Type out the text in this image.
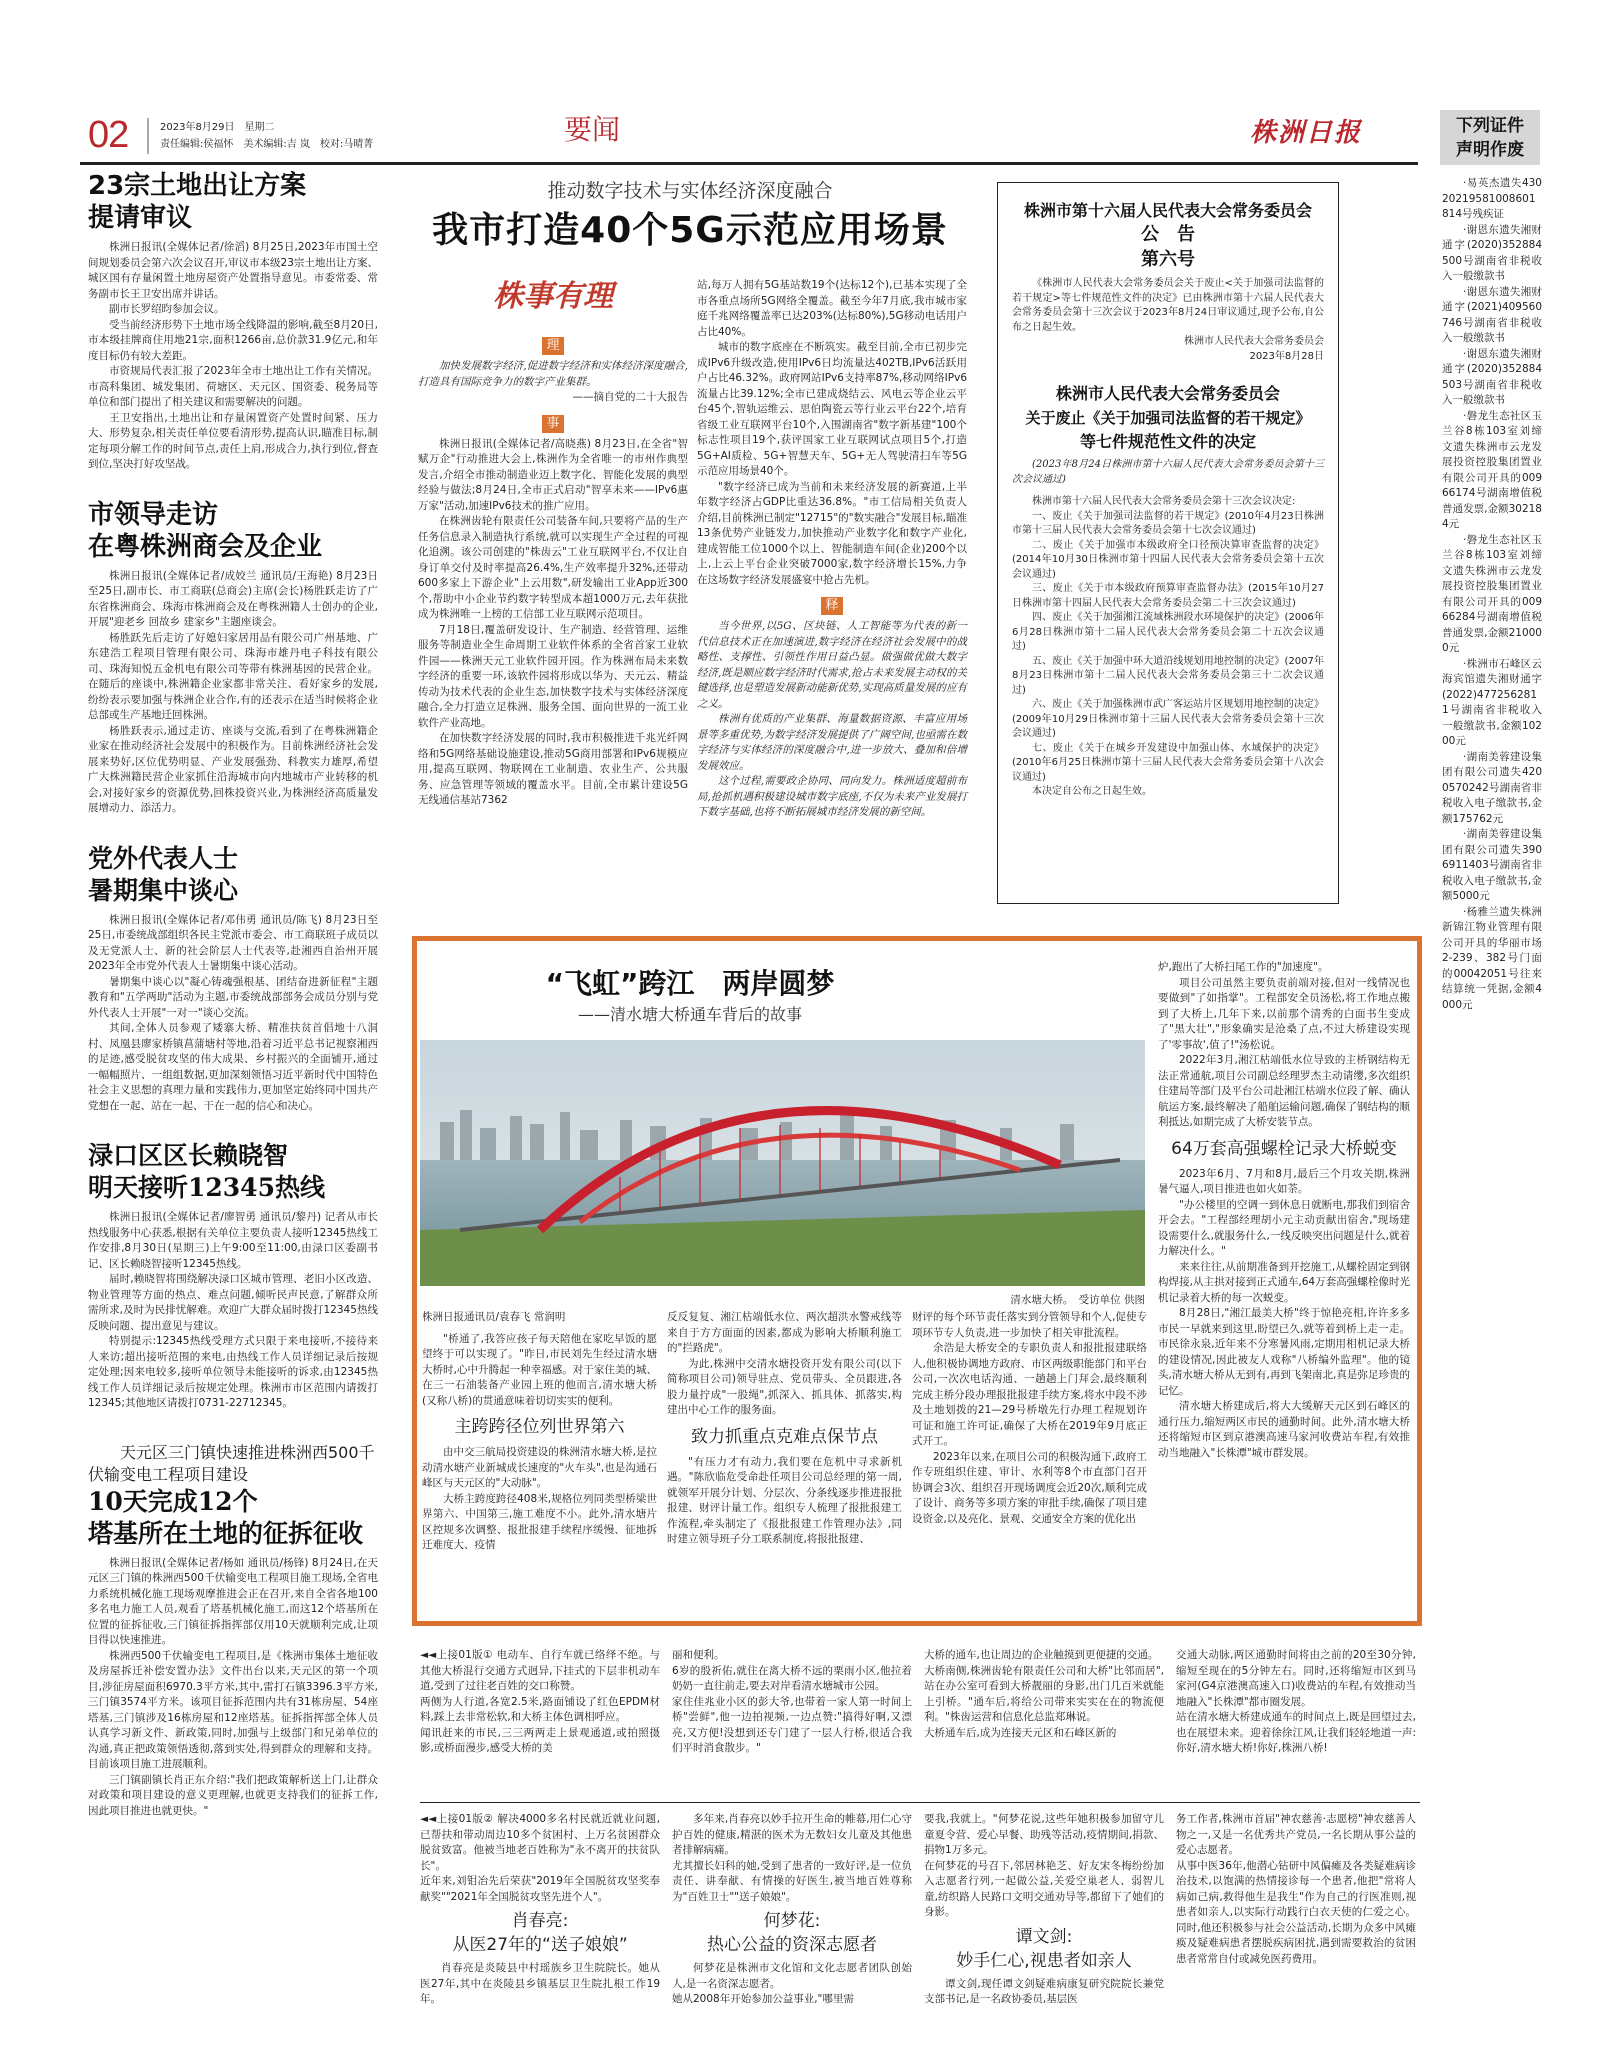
02	2023年8月29日　星期二
责任编辑:侯福怀　美术编辑:吉 岚　校对:马晴菁	要闻	株洲日报	下列证件
声明作废
23宗土地出让方案
提请审议

株洲日报讯(全媒体记者/徐滔) 8月25日,2023年市国土空间规划委员会第六次会议召开,审议市本级23宗土地出让方案、城区国有存量闲置土地房屋资产处置指导意见。市委常委、常务副市长王卫安出席并讲话。

副市长罗绍昀参加会议。

受当前经济形势下土地市场全线降温的影响,截至8月20日,市本级挂牌商住用地21宗,面积1266亩,总价款31.9亿元,和年度目标仍有较大差距。

市资规局代表汇报了2023年全市土地出让工作有关情况。市高科集团、城发集团、荷塘区、天元区、国资委、税务局等单位和部门提出了相关建议和需要解决的问题。

王卫安指出,土地出让和存量闲置资产处置时间紧、压力大、形势复杂,相关责任单位要看清形势,提高认识,瞄准目标,制定每项分解工作的时间节点,责任上肩,形成合力,执行到位,督查到位,坚决打好攻坚战。

市领导走访
在粤株洲商会及企业

株洲日报讯(全媒体记者/成姣兰 通讯员/王海艳) 8月23日至25日,副市长、市工商联(总商会)主席(会长)杨胜跃走访了广东省株洲商会、珠海市株洲商会及在粤株洲籍人士创办的企业,开展"迎老乡 回故乡 建家乡"主题座谈会。

杨胜跃先后走访了好媳妇家居用品有限公司广州基地、广东建浩工程项目管理有限公司、珠海市雄丹电子科技有限公司、珠海知悦五金机电有限公司等带有株洲基因的民营企业。在随后的座谈中,株洲籍企业家都非常关注、看好家乡的发展,纷纷表示要加强与株洲企业合作,有的还表示在适当时候将企业总部或生产基地迁回株洲。

杨胜跃表示,通过走访、座谈与交流,看到了在粤株洲籍企业家在推动经济社会发展中的积极作为。目前株洲经济社会发展来势好,区位优势明显、产业发展强劲、科教实力雄厚,希望广大株洲籍民营企业家抓住沿海城市向内地城市产业转移的机会,对接好家乡的资源优势,回株投资兴业,为株洲经济高质量发展增动力、添活力。

党外代表人士
暑期集中谈心

株洲日报讯(全媒体记者/邓伟勇 通讯员/陈飞) 8月23日至25日,市委统战部组织各民主党派市委会、市工商联班子成员以及无党派人士、新的社会阶层人士代表等,赴湘西自治州开展2023年全市党外代表人士暑期集中谈心活动。

暑期集中谈心以"凝心铸魂强根基、团结奋进新征程"主题教育和"五学两助"活动为主题,市委统战部部务会成员分别与党外代表人士开展"一对一"谈心交流。

其间,全体人员参观了矮寨大桥、精准扶贫首倡地十八洞村、凤凰县廖家桥镇菖蒲塘村等地,沿着习近平总书记视察湘西的足迹,感受脱贫攻坚的伟大成果、乡村振兴的全面铺开,通过一幅幅照片、一组组数据,更加深刻领悟习近平新时代中国特色社会主义思想的真理力量和实践伟力,更加坚定始终同中国共产党想在一起、站在一起、干在一起的信心和决心。

渌口区区长赖晓智
明天接听12345热线

株洲日报讯(全媒体记者/廖智勇 通讯员/黎丹) 记者从市长热线服务中心获悉,根据有关单位主要负责人接听12345热线工作安排,8月30日(星期三)上午9:00至11:00,由渌口区委副书记、区长赖晓智接听12345热线。

届时,赖晓智将围绕解决渌口区城市管理、老旧小区改造、物业管理等方面的热点、难点问题,倾听民声民意,了解群众所需所求,及时为民排忧解难。欢迎广大群众届时拨打12345热线反映问题、提出意见与建议。

特别提示:12345热线受理方式只限于来电接听,不接待来人来访;超出接听范围的来电,由热线工作人员详细记录后按规定处理;因来电较多,接听单位领导未能接听的诉求,由12345热线工作人员详细记录后按规定处理。株洲市市区范围内请拨打12345;其他地区请拨打0731-22712345。

天元区三门镇快速推进株洲西500千伏输变电工程项目建设
10天完成12个
塔基所在土地的征拆征收

株洲日报讯(全媒体记者/杨如 通讯员/杨锋) 8月24日,在天元区三门镇的株洲西500千伏输变电工程项目施工现场,全省电力系统机械化施工现场观摩推进会正在召开,来自全省各地100多名电力施工人员,观看了塔基机械化施工,而这12个塔基所在位置的征拆征收,三门镇征拆指挥部仅用10天就顺利完成,让项目得以快速推进。

株洲西500千伏输变电工程项目,是《株洲市集体土地征收及房屋拆迁补偿安置办法》文件出台以来,天元区的第一个项目,涉征房屋面积6970.3平方米,其中,雷打石镇3396.3平方米,三门镇3574平方米。该项目征拆范围内共有31栋房屋、54座塔基,三门镇涉及16栋房屋和12座塔基。征拆指挥部全体人员认真学习新文件、新政策,同时,加强与上级部门和兄弟单位的沟通,真正把政策领悟透彻,落到实处,得到群众的理解和支持。目前该项目施工进展顺利。

三门镇副镇长肖正东介绍:"我们把政策解析送上门,让群众对政策和项目建设的意义更理解,也就更支持我们的征拆工作,因此项目推进也就更快。"

推动数字技术与实体经济深度融合
我市打造40个5G示范应用场景
株事有理
理

加快发展数字经济,促进数字经济和实体经济深度融合,打造具有国际竞争力的数字产业集群。

——摘自党的二十大报告

事

株洲日报讯(全媒体记者/高晓燕) 8月23日,在全省"智赋万企"行动推进大会上,株洲作为全省唯一的市州作典型发言,介绍全市推动制造业迈上数字化、智能化发展的典型经验与做法;8月24日,全市正式启动"智享未来——IPv6惠万家"活动,加速IPv6技术的推广应用。

在株洲齿轮有限责任公司装备车间,只要将产品的生产任务信息录入制造执行系统,就可以实现生产全过程的可视化追溯。该公司创建的"株齿云"工业互联网平台,不仅让自身订单交付及时率提高26.4%,生产效率提升32%,还带动600多家上下游企业"上云用数",研发输出工业App近300个,帮助中小企业节约数字转型成本超1000万元,去年获批成为株洲唯一上榜的工信部工业互联网示范项目。

7月18日,覆盖研发设计、生产制造、经营管理、运维服务等制造业全生命周期工业软件体系的全省首家工业软件园——株洲天元工业软件园开园。作为株洲布局未来数字经济的重要一环,该软件园将形成以华为、天元云、精益传动为技术代表的企业生态,加快数字技术与实体经济深度融合,全力打造立足株洲、服务全国、面向世界的一流工业软件产业高地。

在加快数字经济发展的同时,我市积极推进千兆光纤网络和5G网络基础设施建设,推动5G商用部署和IPv6规模应用,提高互联网、物联网在工业制造、农业生产、公共服务、应急管理等领域的覆盖水平。目前,全市累计建设5G无线通信基站7362

站,每万人拥有5G基站数19个(达标12个),已基本实现了全市各重点场所5G网络全覆盖。截至今年7月底,我市城市家庭千兆网络覆盖率已达203%(达标80%),5G移动电话用户占比40%。

城市的数字底座在不断筑实。截至目前,全市已初步完成IPv6升级改造,使用IPv6日均流量达402TB,IPv6活跃用户占比46.32%。政府网站IPv6支持率87%,移动网络IPv6流量占比39.12%;全市已建成烧结云、风电云等企业云平台45个,智轨运维云、思伯陶瓷云等行业云平台22个,培育省级工业互联网平台10个,入围湖南省"数字新基建"100个标志性项目19个,获评国家工业互联网试点项目5个,打造5G+AI质检、5G+智慧天车、5G+无人驾驶清扫车等5G示范应用场景40个。

"数字经济已成为当前和未来经济发展的新赛道,上半年数字经济占GDP比重达36.8%。"市工信局相关负责人介绍,目前株洲已制定"12715"的"数实融合"发展目标,瞄准13条优势产业链发力,加快推动产业数字化和数字产业化,建成智能工位1000个以上、智能制造车间(企业)200个以上,上云上平台企业突破7000家,数字经济增长15%,力争在这场数字经济发展盛宴中抢占先机。

释

当今世界,以5G、区块链、人工智能等为代表的新一代信息技术正在加速演进,数字经济在经济社会发展中的战略性、支撑性、引领性作用日益凸显。做强做优做大数字经济,既是顺应数字经济时代需求,抢占未来发展主动权的关键选择,也是塑造发展新动能新优势,实现高质量发展的应有之义。

株洲有优质的产业集群、海量数据资源、丰富应用场景等多重优势,为数字经济发展提供了广阔空间,也亟需在数字经济与实体经济的深度融合中,进一步放大、叠加和倍增发展效应。

这个过程,需要政企协同、同向发力。株洲适度超前布局,抢抓机遇积极建设城市数字底座,不仅为未来产业发展打下数字基础,也将不断拓展城市经济发展的新空间。

株洲市第十六届人民代表大会常务委员会
公　告
第六号

《株洲市人民代表大会常务委员会关于废止<关于加强司法监督的若干规定>等七件规范性文件的决定》已由株洲市第十六届人民代表大会常务委员会第十三次会议于2023年8月24日审议通过,现予公布,自公布之日起生效。

株洲市人民代表大会常务委员会

2023年8月28日

株洲市人民代表大会常务委员会
关于废止《关于加强司法监督的若干规定》
等七件规范性文件的决定

(2023年8月24日株洲市第十六届人民代表大会常务委员会第十三次会议通过)

株洲市第十六届人民代表大会常务委员会第十三次会议决定:

一、废止《关于加强司法监督的若干规定》(2010年4月23日株洲市第十三届人民代表大会常务委员会第十七次会议通过)

二、废止《关于加强市本级政府全口径预决算审查监督的决定》(2014年10月30日株洲市第十四届人民代表大会常务委员会第十五次会议通过)

三、废止《关于市本级政府预算审查监督办法》(2015年10月27日株洲市第十四届人民代表大会常务委员会第二十三次会议通过)

四、废止《关于加强湘江流域株洲段水环境保护的决定》(2006年6月28日株洲市第十二届人民代表大会常务委员会第二十五次会议通过)

五、废止《关于加强中环大道沿线规划用地控制的决定》(2007年8月23日株洲市第十二届人民代表大会常务委员会第三十二次会议通过)

六、废止《关于加强株洲市武广客运站片区规划用地控制的决定》(2009年10月29日株洲市第十三届人民代表大会常务委员会第十三次会议通过)

七、废止《关于在城乡开发建设中加强山体、水域保护的决定》(2010年6月25日株洲市第十三届人民代表大会常务委员会第十八次会议通过)

本决定自公布之日起生效。

·易英杰遗失430202195810086​01814号残疾证

·谢恩东遗失湘财通字(2020)352884500号湖南省非税收入一般缴款书

·谢恩东遗失湘财通字(2021)409560746号湖南省非税收入一般缴款书

·谢恩东遗失湘财通字(2020)352884503号湖南省非税收入一般缴款书

·磐龙生态社区玉兰谷8栋103室刘缔文遗失株洲市云龙发展投资控股集团置业有限公司开具的00966174号湖南增值税普通发票,金额302184元

·磐龙生态社区玉兰谷8栋103室刘缔文遗失株洲市云龙发展投资控股集团置业有限公司开具的00966284号湖南增值税普通发票,金额210000元

·株洲市石峰区云海宾馆遗失湘财通字(2022)4772562811号湖南省非税收入一般缴款书,金额10200元

·湖南美蓉建设集团有限公司遗失4200570242号湖南省非税收入电子缴款书,金额175762元

·湖南美蓉建设集团有限公司遗失3906911403号湖南省非税收入电子缴款书,金额5000元

·杨雅兰遗失株洲新锦江物业管理有限公司开具的华丽市场2-239、382号门面的00042051号往来结算统一凭据,金额4000元

“飞虹”跨江　两岸圆梦
——清水塘大桥通车背后的故事
清水塘大桥。　受访单位 供图

株洲日报通讯员/袁春飞 常润明

"桥通了,我答应孩子每天陪他在家吃早饭的愿望终于可以实现了。"昨日,市民刘先生经过清水塘大桥时,心中升腾起一种幸福感。对于家住美的城、在三一石油装备产业园上班的他而言,清水塘大桥(又称八桥)的贯通意味着切切实实的便利。

主跨跨径位列世界第六

由中交三航局投资建设的株洲清水塘大桥,是拉动清水塘产业新城成长速度的"火车头",也是沟通石峰区与天元区的"大动脉"。

大桥主跨度跨径408米,规格位列同类型桥梁世界第六、中国第三,施工难度不小。此外,清水塘片区控规多次调整、报批报建手续程序缓慢、征地拆迁难度大、疫情

反反复复、湘江枯端低水位、两次超洪水警戒线等来自于方方面面的因素,都成为影响大桥顺利施工的"拦路虎"。

为此,株洲中交清水塘投资开发有限公司(以下简称项目公司)领导驻点、党员带头、全员跟进,各股力量拧成"一股绳",抓深入、抓具体、抓落实,构建出中心工作的服务面。

致力抓重点克难点保节点

"有压力才有动力,我们要在危机中寻求新机遇。"陈欣临危受命赴任项目公司总经理的第一周,就领军开展分计划、分层次、分条线逐步推进报批报建、财评计量工作。组织专人梳理了报批报建工作流程,牵头制定了《报批报建工作管理办法》,同时建立领导班子分工联系制度,将报批报建、

财评的每个环节责任落实到分管领导和个人,促使专项环节专人负责,进一步加快了相关审批流程。

余浩是大桥安全的专职负责人和报批报建联络人,他积极协调地方政府、市区两级职能部门和平台公司,一次次电话沟通、一趟趟上门拜会,最终顺利完成主桥分段办理报批报建手续方案,将水中段不涉及土地划拨的21—29号桥墩先行办理工程规划许可证和施工许可证,确保了大桥在2019年9月底正式开工。

2023年以来,在项目公司的积极沟通下,政府工作专班组织住建、审计、水利等8个市直部门召开协调会3次、组织召开现场调度会近20次,顺利完成了设计、商务等多项方案的审批手续,确保了项目建设资金,以及亮化、景观、交通安全方案的优化出

炉,跑出了大桥扫尾工作的"加速度"。

项目公司虽然主要负责前端对接,但对一线情况也要做到"了如指掌"。工程部安全员汤松,将工作地点搬到了大桥上,几年下来,以前那个清秀的白面书生变成了"黑大壮","形象确实是沧桑了点,不过大桥建设实现了'零事故',值了!"汤松说。

2022年3月,湘江枯端低水位导致的主桥钢结构无法正常通航,项目公司副总经理罗杰主动请缨,多次组织住建局等部门及平台公司赴湘江枯端水位段了解、确认航运方案,最终解决了船舶运输问题,确保了钢结构的顺利抵达,如期完成了大桥安装节点。

64万套高强螺栓记录大桥蜕变

2023年6月、7月和8月,最后三个月攻关期,株洲暑气逼人,项目推进也如火如荼。

"办公楼里的空调一到休息日就断电,那我们到宿舍开会去。"工程部经理胡小元主动贡献出宿舍,"现场建设需要什么,就服务什么,一线反映突出问题是什么,就着力解决什么。"

来来往往,从前期准备到开挖施工,从螺栓固定到钢构焊接,从主拱对接到正式通车,64万套高强螺栓像时光机记录着大桥的每一次蜕变。

8月28日,"湘江最美大桥"终于惊艳亮相,许许多多市民一早就来到这里,盼望已久,就等着到桥上走一走。市民徐永泉,近年来不分寒暑风雨,定期用相机记录大桥的建设情况,因此被友人戏称"八桥编外监理"。他的镜头,清水塘大桥从无到有,再到飞架南北,真是弥足珍贵的记忆。

清水塘大桥建成后,将大大缓解天元区到石峰区的通行压力,缩短两区市民的通勤时间。此外,清水塘大桥还将缩短市区到京港澳高速马家河收费站车程,有效推动当地融入"长株潭"城市群发展。

◄◄上接01版① 电动车、自行车就已络绎不绝。与其他大桥混行交通方式迥异,下挂式的下层非机动车道,受到了过往老百姓的交口称赞。
两侧为人行道,各宽2.5米,路面铺设了红色EPDM材料,踩上去非常松软,和大桥主体色调相呼应。
闻讯赶来的市民,三三两两走上景观通道,或拍照摄影,或桥面漫步,感受大桥的美

丽和便利。
6岁的殷祈佑,就住在离大桥不远的栗雨小区,他拉着奶奶一直往前走,要去对岸看清水塘城市公园。
家住佳兆业小区的彭大爷,也带着一家人第一时间上桥"尝鲜",他一边拍视频,一边点赞:"搞得好啊,又漂亮,又方便!没想到还专门建了一层人行桥,很适合我们平时消食散步。"

大桥的通车,也让周边的企业触摸到更便捷的交通。
大桥南侧,株洲齿轮有限责任公司和大桥"比邻而居",站在办公室可看到大桥靓丽的身影,出门几百米就能上引桥。"通车后,将给公司带来实实在在的物流便利。"株齿运营和信息化总监郑琳说。
大桥通车后,成为连接天元区和石峰区新的

交通大动脉,两区通勤时间将由之前的20至30分钟,缩短至现在的5分钟左右。同时,还将缩短市区到马家河(G4京港澳高速入口)收费站的车程,有效推动当地融入"长株潭"都市圈发展。
站在清水塘大桥建成通车的时间点上,既是回望过去,也在展望未来。迎着徐徐江风,让我们轻轻地道一声:你好,清水塘大桥!你好,株洲八桥!

◄◄上接01版② 解决4000多名村民就近就业问题,已帮扶和带动周边10多个贫困村、上万名贫困群众脱贫致富。他被当地老百姓称为"永不离开的扶贫队长"。
近年来,刘钼冶先后荣获"2019年全国脱贫攻坚奖奉献奖""2021年全国脱贫攻坚先进个人"。

肖春亮:
从医27年的“送子娘娘”

肖春亮是炎陵县中村瑶族乡卫生院院长。她从医27年,其中在炎陵县乡镇基层卫生院扎根工作19年。

多年来,肖春亮以妙手拉开生命的帷幕,用仁心守护百姓的健康,精湛的医术为无数妇女儿童及其他患者排解病痛。
尤其擅长妇科的她,受到了患者的一致好评,是一位负责任、讲奉献、有情操的好医生,被当地百姓尊称为"百姓卫士""送子娘娘"。

何梦花:
热心公益的资深志愿者

何梦花是株洲市文化馆和文化志愿者团队创始人,是一名资深志愿者。
她从2008年开始参加公益事业,"哪里需

要我,我就上。"何梦花说,这些年她积极参加留守儿童夏令营、爱心早餐、助残等活动,疫情期间,捐款、捐物1万多元。
在何梦花的号召下,邻居林艳芝、好友宋冬梅纷纷加入志愿者行列,一起做公益,关爱空巢老人、弱智儿童,纺织路人民路口文明交通劝导等,都留下了她们的身影。

谭文剑:
妙手仁心,视患者如亲人

谭文剑,现任谭文剑疑难病康复研究院院长兼党支部书记,是一名政协委员,基层医

务工作者,株洲市首届"神农慈善·志愿榜"神农慈善人物之一,又是一名优秀共产党员,一名长期从事公益的爱心志愿者。
从事中医36年,他潜心钻研中风偏瘫及各类疑难病诊治技术,以饱满的热情接诊每一个患者,他把"常将人病如己病,救得他生是我生"作为自己的行医准则,视患者如亲人,以实际行动践行白衣天使的仁爱之心。同时,他还积极参与社会公益活动,长期为众多中风瘫痪及疑难病患者摆脱疾病困扰,遇到需要救治的贫困患者常常自付或减免医药费用。
